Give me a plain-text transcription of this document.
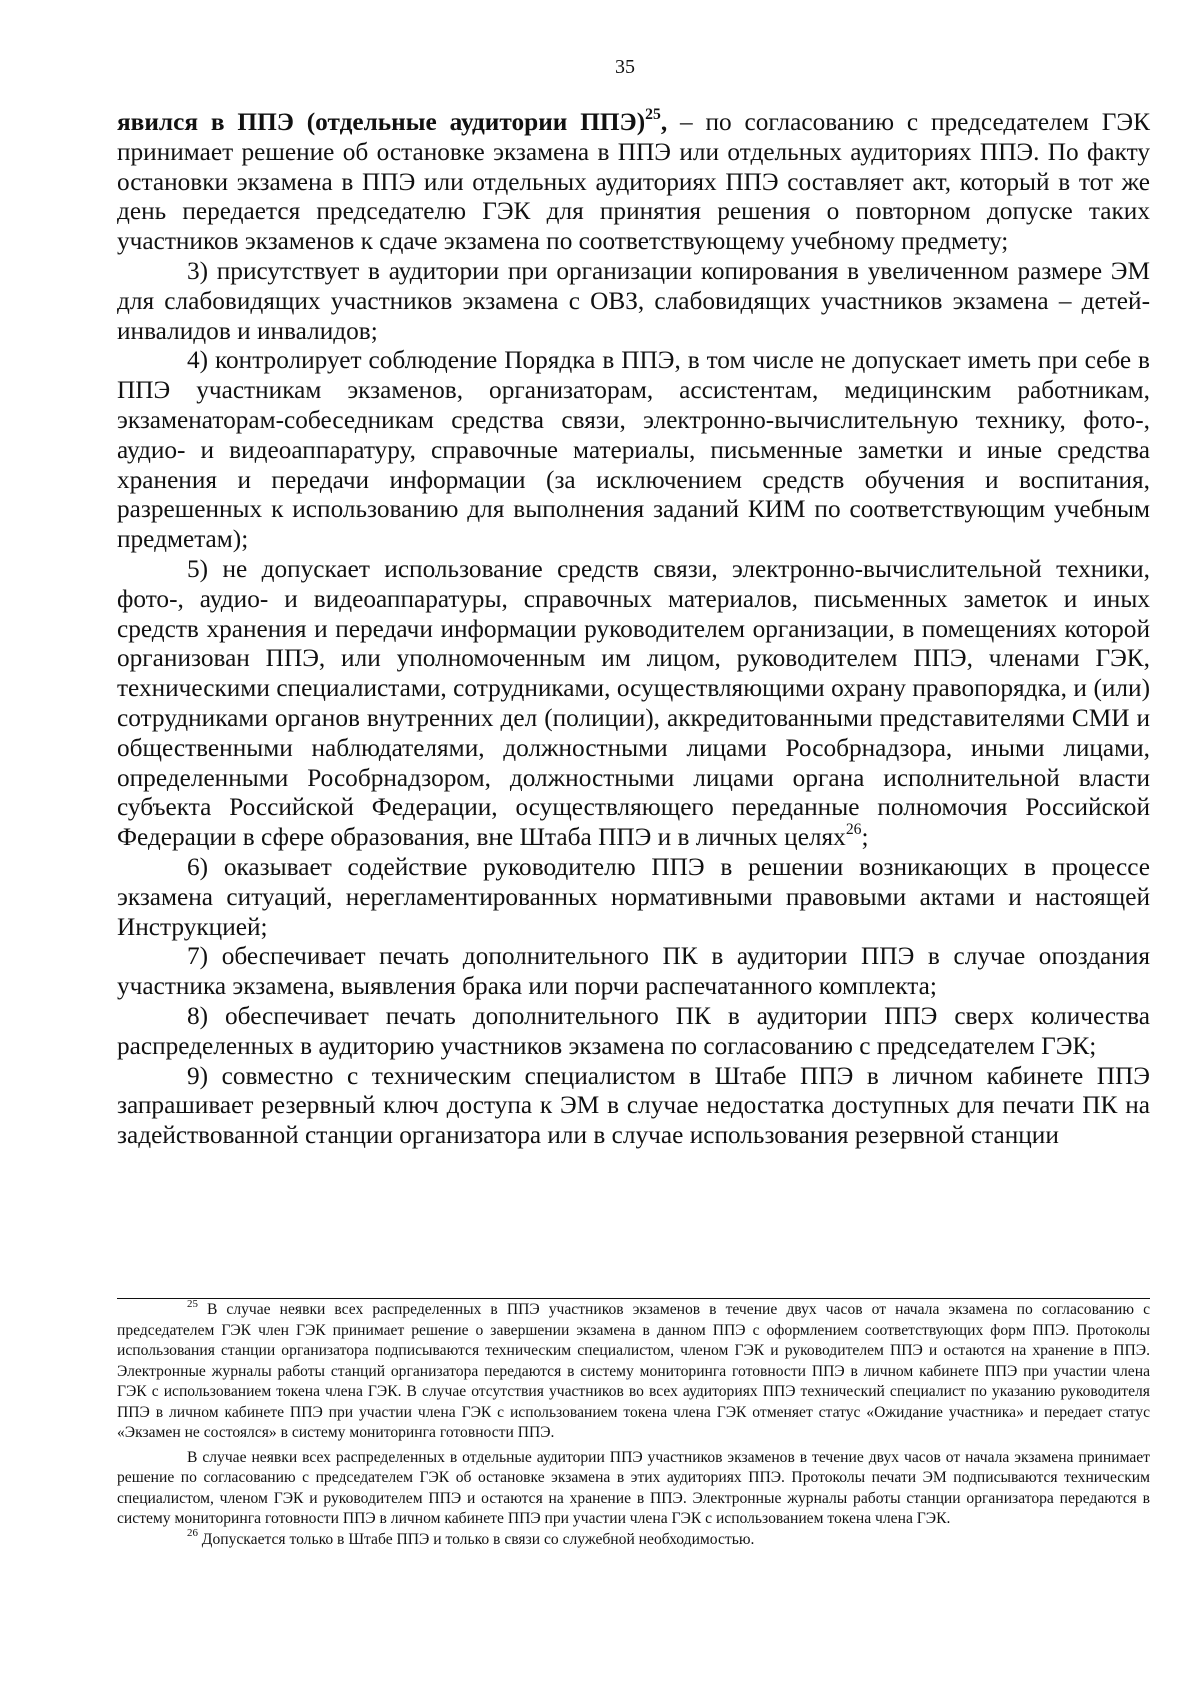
35

явился в ППЭ (отдельные аудитории ППЭ)$^{25}$, – по согласованию с председателем ГЭК принимает решение об остановке экзамена в ППЭ или отдельных аудиториях ППЭ. По факту остановки экзамена в ППЭ или отдельных аудиториях ППЭ составляет акт, который в тот же день передается председателю ГЭК для принятия решения о повторном допуске таких участников экзаменов к сдаче экзамена по соответствующему учебному предмету;

3) присутствует в аудитории при организации копирования в увеличенном размере ЭМ для слабовидящих участников экзамена с ОВЗ, слабовидящих участников экзамена – детей-инвалидов и инвалидов;

4) контролирует соблюдение Порядка в ППЭ, в том числе не допускает иметь при себе в ППЭ участникам экзаменов, организаторам, ассистентам, медицинским работникам, экзаменаторам-собеседникам средства связи, электронно-вычислительную технику, фото-, аудио- и видеоаппаратуру, справочные материалы, письменные заметки и иные средства хранения и передачи информации (за исключением средств обучения и воспитания, разрешенных к использованию для выполнения заданий КИМ по соответствующим учебным предметам);

5) не допускает использование средств связи, электронно-вычислительной техники, фото-, аудио- и видеоаппаратуры, справочных материалов, письменных заметок и иных средств хранения и передачи информации руководителем организации, в помещениях которой организован ППЭ, или уполномоченным им лицом, руководителем ППЭ, членами ГЭК, техническими специалистами, сотрудниками, осуществляющими охрану правопорядка, и (или) сотрудниками органов внутренних дел (полиции), аккредитованными представителями СМИ и общественными наблюдателями, должностными лицами Рособрнадзора, иными лицами, определенными Рособрнадзором, должностными лицами органа исполнительной власти субъекта Российской Федерации, осуществляющего переданные полномочия Российской Федерации в сфере образования, вне Штаба ППЭ и в личных целях$^{26}$;

6) оказывает содействие руководителю ППЭ в решении возникающих в процессе экзамена ситуаций, нерегламентированных нормативными правовыми актами и настоящей Инструкцией;

7) обеспечивает печать дополнительного ПК в аудитории ППЭ в случае опоздания участника экзамена, выявления брака или порчи распечатанного комплекта;

8) обеспечивает печать дополнительного ПК в аудитории ППЭ сверх количества распределенных в аудиторию участников экзамена по согласованию с председателем ГЭК;

9) совместно с техническим специалистом в Штабе ППЭ в личном кабинете ППЭ запрашивает резервный ключ доступа к ЭМ в случае недостатка доступных для печати ПК на задействованной станции организатора или в случае использования резервной станции

$^{25}$ В случае неявки всех распределенных в ППЭ участников экзаменов в течение двух часов от начала экзамена по согласованию с председателем ГЭК член ГЭК принимает решение о завершении экзамена в данном ППЭ с оформлением соответствующих форм ППЭ. Протоколы использования станции организатора подписываются техническим специалистом, членом ГЭК и руководителем ППЭ и остаются на хранение в ППЭ. Электронные журналы работы станций организатора передаются в систему мониторинга готовности ППЭ в личном кабинете ППЭ при участии члена ГЭК с использованием токена члена ГЭК. В случае отсутствия участников во всех аудиториях ППЭ технический специалист по указанию руководителя ППЭ в личном кабинете ППЭ при участии члена ГЭК с использованием токена члена ГЭК отменяет статус «Ожидание участника» и передает статус «Экзамен не состоялся» в систему мониторинга готовности ППЭ.

В случае неявки всех распределенных в отдельные аудитории ППЭ участников экзаменов в течение двух часов от начала экзамена принимает решение по согласованию с председателем ГЭК об остановке экзамена в этих аудиториях ППЭ. Протоколы печати ЭМ подписываются техническим специалистом, членом ГЭК и руководителем ППЭ и остаются на хранение в ППЭ. Электронные журналы работы станции организатора передаются в систему мониторинга готовности ППЭ в личном кабинете ППЭ при участии члена ГЭК с использованием токена члена ГЭК.

$^{26}$ Допускается только в Штабе ППЭ и только в связи со служебной необходимостью.
